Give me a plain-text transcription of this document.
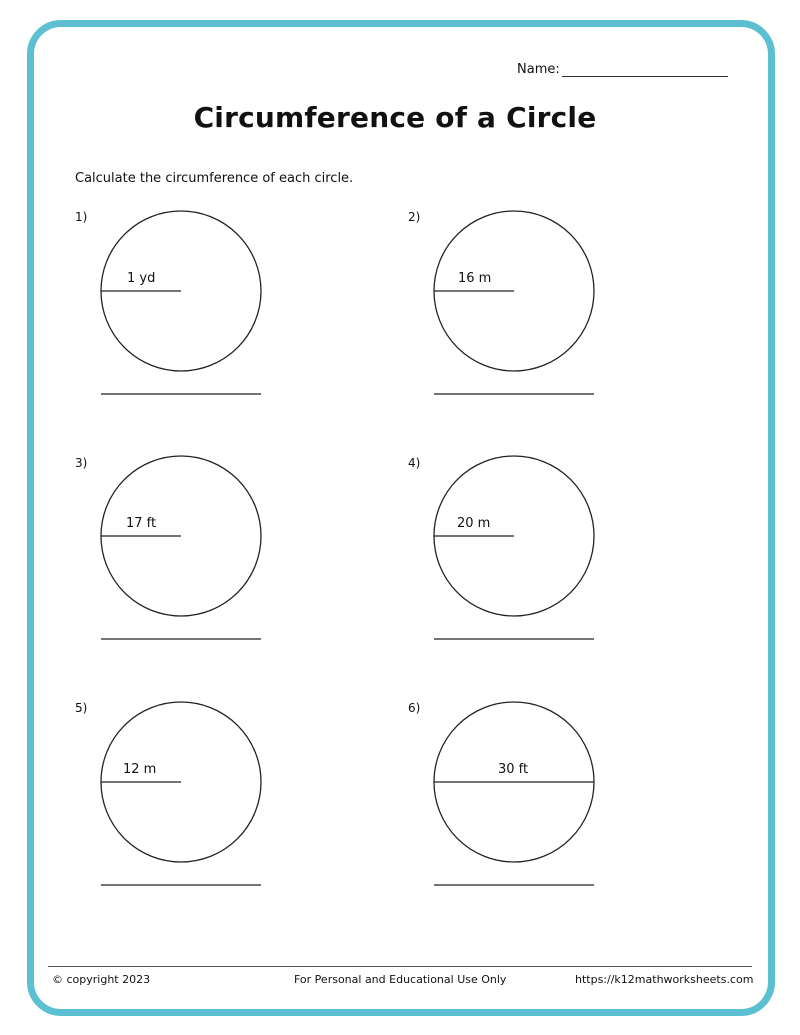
Name:
Circumference of a Circle
Calculate the circumference of each circle.
1)
1 yd
2)
16 m
3)
17 ft
4)
20 m
5)
12 m
6)
30 ft
© copyright 2023	For Personal and Educational Use Only	https://k12mathworksheets.com
